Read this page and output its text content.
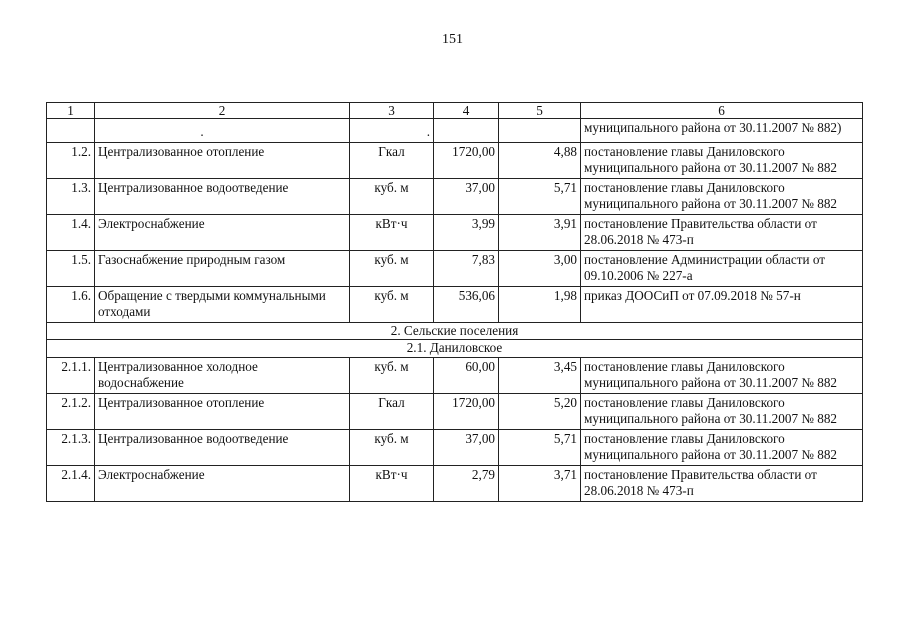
151
1	2	3	4	5	6
	.	.			муниципального района от 30.11.2007 № 882)
1.2.	Централизованное отопление	Гкал	1720,00	4,88	постановление главы Даниловского муниципального района от 30.11.2007 № 882
1.3.	Централизованное водоотведение	куб. м	37,00	5,71	постановление главы Даниловского муниципального района от 30.11.2007 № 882
1.4.	Электроснабжение	кВт·ч	3,99	3,91	постановление Правительства области от 28.06.2018 № 473-п
1.5.	Газоснабжение природным газом	куб. м	7,83	3,00	постановление Администрации области от 09.10.2006 № 227-а
1.6.	Обращение с твердыми коммунальными отходами	куб. м	536,06	1,98	приказ ДООСиП от 07.09.2018 № 57-н
2. Сельские поселения					
2.1. Даниловское					
2.1.1.	Централизованное холодное водоснабжение	куб. м	60,00	3,45	постановление главы Даниловского муниципального района от 30.11.2007 № 882
2.1.2.	Централизованное отопление	Гкал	1720,00	5,20	постановление главы Даниловского муниципального района от 30.11.2007 № 882
2.1.3.	Централизованное водоотведение	куб. м	37,00	5,71	постановление главы Даниловского муниципального района от 30.11.2007 № 882
2.1.4.	Электроснабжение	кВт·ч	2,79	3,71	постановление Правительства области от 28.06.2018 № 473-п
